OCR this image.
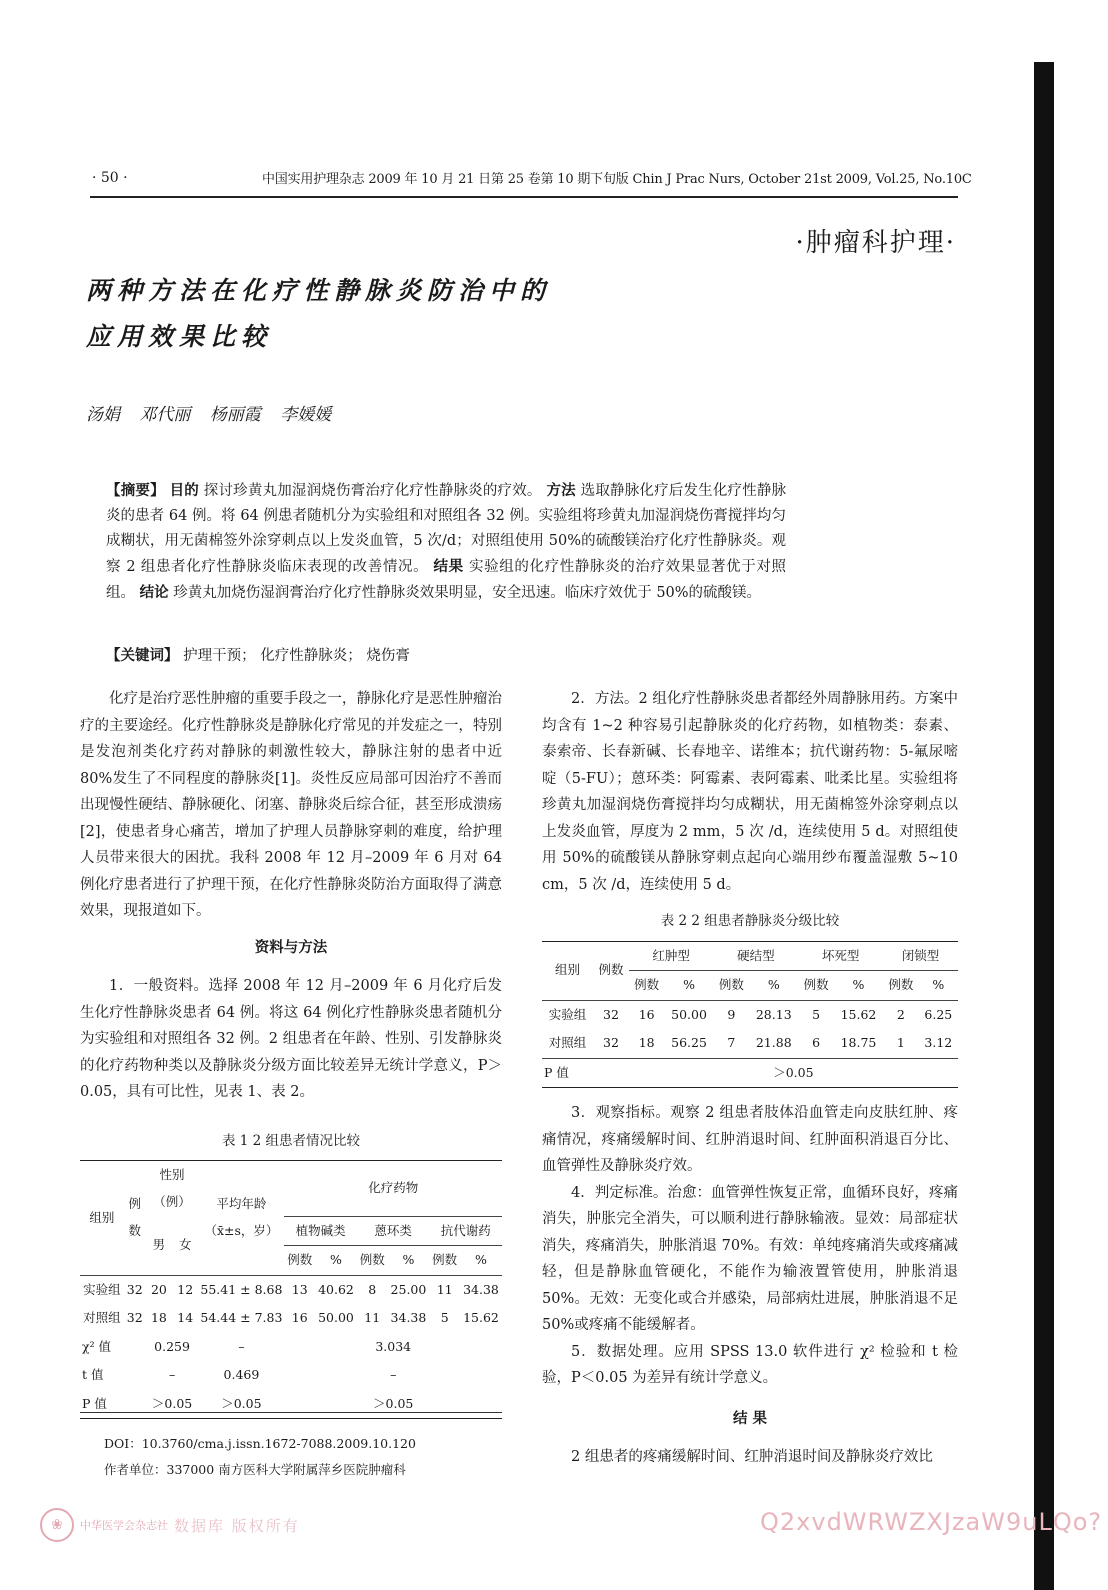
· 50 ·	中国实用护理杂志 2009 年 10 月 21 日第 25 卷第 10 期下旬版 Chin J Prac Nurs, October 21st 2009, Vol.25, No.10C
·肿瘤科护理·
两种方法在化疗性静脉炎防治中的
应用效果比较
汤娟 邓代丽 杨丽霞 李媛媛
【摘要】 目的 探讨珍黄丸加湿润烧伤膏治疗化疗性静脉炎的疗效。 方法 选取静脉化疗后发生化疗性静脉炎的患者 64 例。将 64 例患者随机分为实验组和对照组各 32 例。实验组将珍黄丸加湿润烧伤膏搅拌均匀成糊状，用无菌棉签外涂穿刺点以上发炎血管，5 次/d；对照组使用 50%的硫酸镁治疗化疗性静脉炎。观察 2 组患者化疗性静脉炎临床表现的改善情况。 结果 实验组的化疗性静脉炎的治疗效果显著优于对照组。 结论 珍黄丸加烧伤湿润膏治疗化疗性静脉炎效果明显，安全迅速。临床疗效优于 50%的硫酸镁。
【关键词】 护理干预； 化疗性静脉炎； 烧伤膏

化疗是治疗恶性肿瘤的重要手段之一，静脉化疗是恶性肿瘤治疗的主要途经。化疗性静脉炎是静脉化疗常见的并发症之一，特别是发泡剂类化疗药对静脉的刺激性较大，静脉注射的患者中近 80%发生了不同程度的静脉炎[1]。炎性反应局部可因治疗不善而出现慢性硬结、静脉硬化、闭塞、静脉炎后综合征，甚至形成溃疡[2]，使患者身心痛苦，增加了护理人员静脉穿刺的难度，给护理人员带来很大的困扰。我科 2008 年 12 月–2009 年 6 月对 64 例化疗患者进行了护理干预，在化疗性静脉炎防治方面取得了满意效果，现报道如下。

资料与方法

1．一般资料。选择 2008 年 12 月–2009 年 6 月化疗后发生化疗性静脉炎患者 64 例。将这 64 例化疗性静脉炎患者随机分为实验组和对照组各 32 例。2 组患者在年龄、性别、引发静脉炎的化疗药物种类以及静脉炎分级方面比较差异无统计学意义，P＞0.05，具有可比性，见表 1、表 2。

表 1 2 组患者情况比较
组别	例数	性别（例）		平均年龄（x̄±s，岁）	化疗药物					
		男	女		植物碱类		蒽环类		抗代谢药	
					例数	%	例数	%	例数	%
实验组	32	20	12	55.41 ± 8.68	13	40.62	8	25.00	11	34.38
对照组	32	18	14	54.44 ± 7.83	16	50.00	11	34.38	5	15.62
χ² 值		0.259		–	3.034					
t 值		–		0.469	–					
P 值		＞0.05		＞0.05	＞0.05					
DOI：10.3760/cma.j.issn.1672-7088.2009.10.120
作者单位：337000 南方医科大学附属萍乡医院肿瘤科

2．方法。2 组化疗性静脉炎患者都经外周静脉用药。方案中均含有 1~2 种容易引起静脉炎的化疗药物，如植物类：泰素、泰索帝、长春新碱、长春地辛、诺维本；抗代谢药物：5-氟尿嘧啶（5-FU）；蒽环类：阿霉素、表阿霉素、吡柔比星。实验组将珍黄丸加湿润烧伤膏搅拌均匀成糊状，用无菌棉签外涂穿刺点以上发炎血管，厚度为 2 mm，5 次 /d，连续使用 5 d。对照组使用 50%的硫酸镁从静脉穿刺点起向心端用纱布覆盖湿敷 5~10 cm，5 次 /d，连续使用 5 d。

表 2 2 组患者静脉炎分级比较
组别	例数	红肿型		硬结型		坏死型		闭锁型	
		例数	%	例数	%	例数	%	例数	%
实验组	32	16	50.00	9	28.13	5	15.62	2	6.25
对照组	32	18	56.25	7	21.88	6	18.75	1	3.12
P 值		＞0.05							

3．观察指标。观察 2 组患者肢体沿血管走向皮肤红肿、疼痛情况，疼痛缓解时间、红肿消退时间、红肿面积消退百分比、血管弹性及静脉炎疗效。

4．判定标准。治愈：血管弹性恢复正常，血循环良好，疼痛消失，肿胀完全消失，可以顺利进行静脉输液。显效：局部症状消失，疼痛消失，肿胀消退 70%。有效：单纯疼痛消失或疼痛减轻，但是静脉血管硬化，不能作为输液置管使用，肿胀消退 50%。无效：无变化或合并感染，局部病灶进展，肿胀消退不足 50%或疼痛不能缓解者。

5．数据处理。应用 SPSS 13.0 软件进行 χ² 检验和 t 检验，P＜0.05 为差异有统计学意义。

结 果

2 组患者的疼痛缓解时间、红肿消退时间及静脉炎疗效比

❀	中华医学会杂志社 数据库 版权所有	Q2xvdWRWZXJzaW9uLQo?
